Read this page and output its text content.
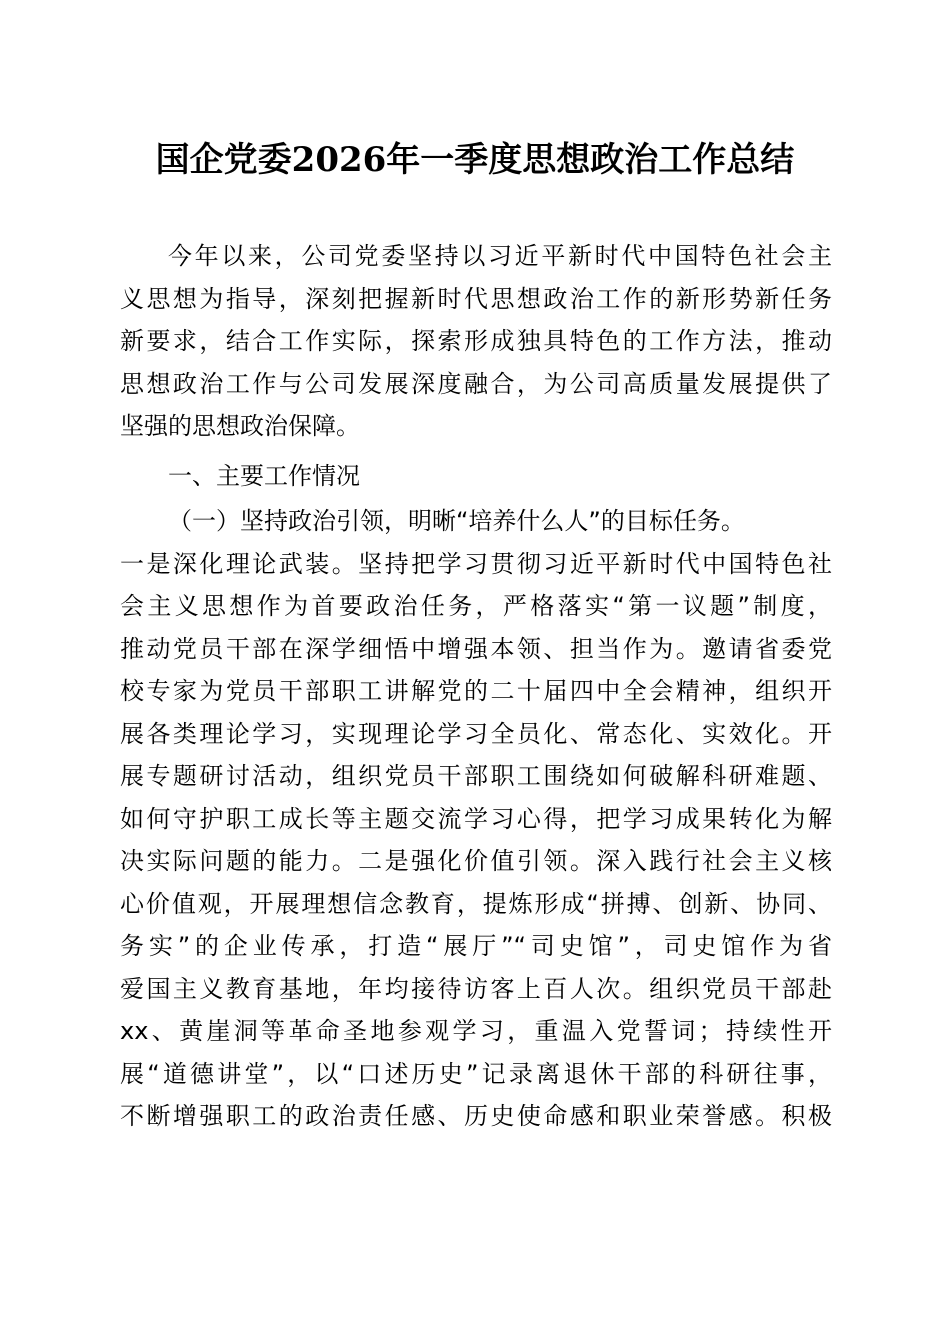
国企党委2026年一季度思想政治工作总结
今年以来，公司党委坚持以习近平新时代中国特色社会主
义思想为指导，深刻把握新时代思想政治工作的新形势新任务
新要求，结合工作实际，探索形成独具特色的工作方法，推动
思想政治工作与公司发展深度融合，为公司高质量发展提供了
坚强的思想政治保障。
一、主要工作情况
（一）坚持政治引领，明晰“培养什么人”的目标任务。
一是深化理论武装。坚持把学习贯彻习近平新时代中国特色社
会主义思想作为首要政治任务，严格落实“第一议题”制度，
推动党员干部在深学细悟中增强本领、担当作为。邀请省委党
校专家为党员干部职工讲解党的二十届四中全会精神，组织开
展各类理论学习，实现理论学习全员化、常态化、实效化。开
展专题研讨活动，组织党员干部职工围绕如何破解科研难题、
如何守护职工成长等主题交流学习心得，把学习成果转化为解
决实际问题的能力。二是强化价值引领。深入践行社会主义核
心价值观，开展理想信念教育，提炼形成“拼搏、创新、协同、
务实”的企业传承，打造“展厅”“司史馆”，司史馆作为省
爱国主义教育基地，年均接待访客上百人次。组织党员干部赴
xx、黄崖洞等革命圣地参观学习，重温入党誓词；持续性开
展“道德讲堂”，以“口述历史”记录离退休干部的科研往事，
不断增强职工的政治责任感、历史使命感和职业荣誉感。积极
